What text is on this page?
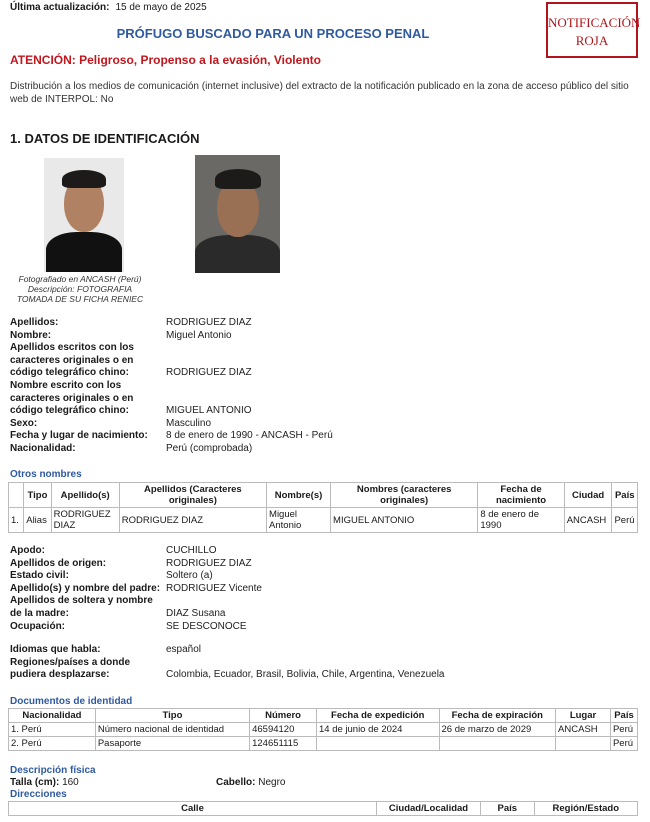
Última actualización: 15 de mayo de 2025
NOTIFICACIÓN
ROJA
PRÓFUGO BUSCADO PARA UN PROCESO PENAL
ATENCIÓN: Peligroso, Propenso a la evasión, Violento
Distribución a los medios de comunicación (internet inclusive) del extracto de la notificación publicado en la zona de acceso público del sitio web de INTERPOL: No
1. DATOS DE IDENTIFICACIÓN
Fotografiado en ANCASH (Perú)
Descripción: FOTOGRAFIA TOMADA DE SU FICHA RENIEC
Apellidos:	RODRIGUEZ DIAZ
Nombre:	Miguel Antonio
Apellidos escritos con los caracteres originales o en código telegráfico chino:	RODRIGUEZ DIAZ
Nombre escrito con los caracteres originales o en código telegráfico chino:	MIGUEL ANTONIO
Sexo:	Masculino
Fecha y lugar de nacimiento:	8 de enero de 1990 - ANCASH - Perú
Nacionalidad:	Perú (comprobada)
Otros nombres
	Tipo	Apellido(s)	Apellidos (Caracteres originales)	Nombre(s)	Nombres (caracteres originales)	Fecha de nacimiento	Ciudad	País
1.	Alias	RODRIGUEZ DIAZ	RODRIGUEZ DIAZ	Miguel Antonio	MIGUEL ANTONIO	8 de enero de 1990	ANCASH	Perú
Apodo:	CUCHILLO
Apellidos de origen:	RODRIGUEZ DIAZ
Estado civil:	Soltero (a)
Apellido(s) y nombre del padre: RODRIGUEZ Vicente
Apellidos de soltera y nombre de la madre:	DIAZ Susana
Ocupación:	SE DESCONOCE
Idiomas que habla:	español
Regiones/países a donde pudiera desplazarse:	Colombia, Ecuador, Brasil, Bolivia, Chile, Argentina, Venezuela
Documentos de identidad
Nacionalidad	Tipo	Número	Fecha de expedición	Fecha de expiración	Lugar	País
1. Perú	Número nacional de identidad	46594120	14 de junio de 2024	26 de marzo de 2029	ANCASH	Perú
2. Perú	Pasaporte	124651115				Perú
Descripción física
Talla (cm): 160	Cabello: Negro
Direcciones
Calle	Ciudad/Localidad	País	Región/Estado
